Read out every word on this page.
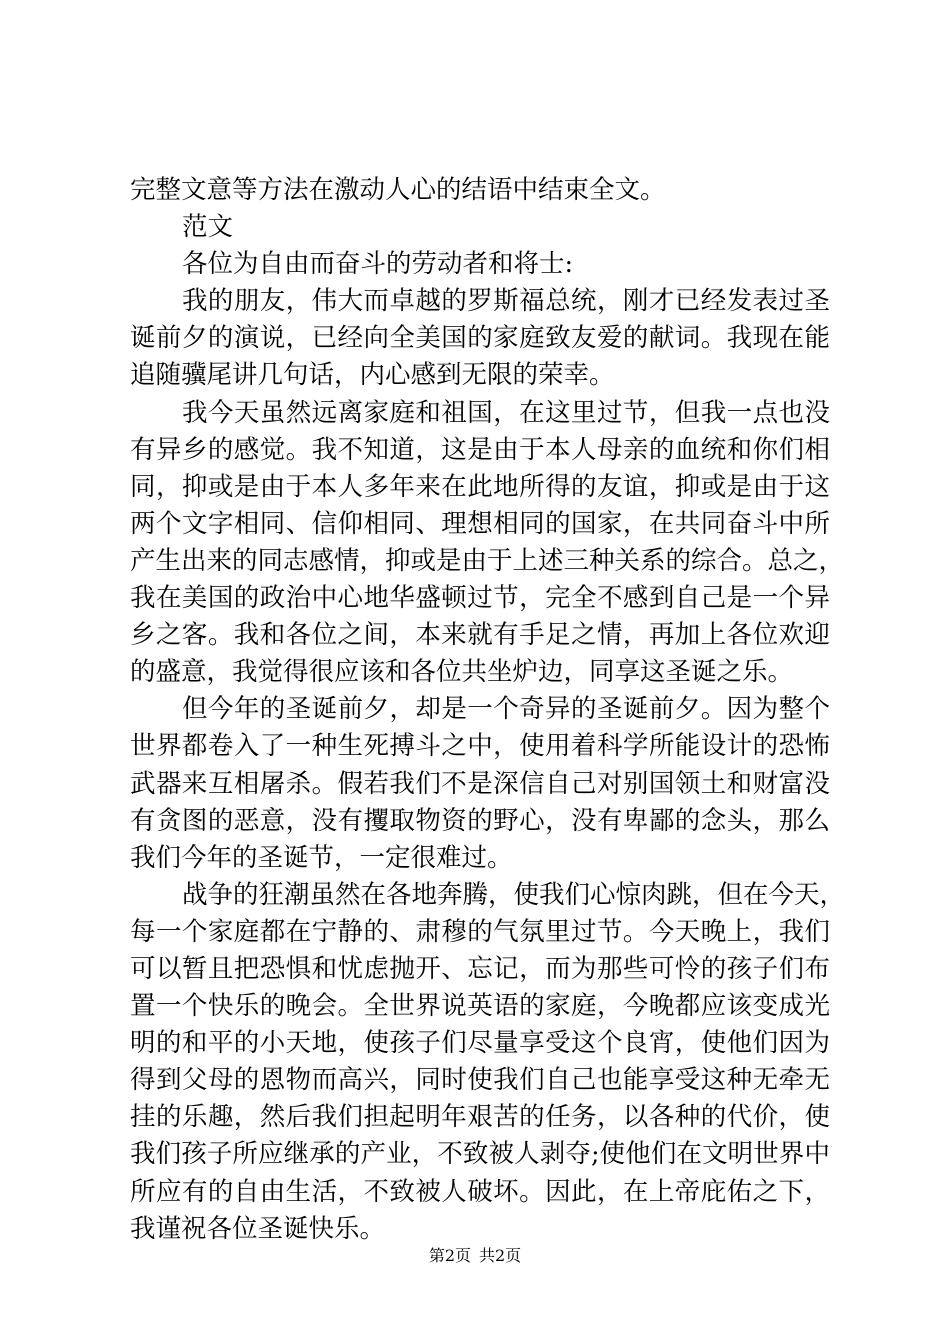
完整文意等方法在激动人心的结语中结束全文。
范文
各位为自由而奋斗的劳动者和将士:
我的朋友，伟大而卓越的罗斯福总统，刚才已经发表过圣
诞前夕的演说，已经向全美国的家庭致友爱的献词。我现在能
追随骥尾讲几句话，内心感到无限的荣幸。
我今天虽然远离家庭和祖国，在这里过节，但我一点也没
有异乡的感觉。我不知道，这是由于本人母亲的血统和你们相
同，抑或是由于本人多年来在此地所得的友谊，抑或是由于这
两个文字相同、信仰相同、理想相同的国家，在共同奋斗中所
产生出来的同志感情，抑或是由于上述三种关系的综合。总之，
我在美国的政治中心地华盛顿过节，完全不感到自己是一个异
乡之客。我和各位之间，本来就有手足之情，再加上各位欢迎
的盛意，我觉得很应该和各位共坐炉边，同享这圣诞之乐。
但今年的圣诞前夕，却是一个奇异的圣诞前夕。因为整个
世界都卷入了一种生死搏斗之中，使用着科学所能设计的恐怖
武器来互相屠杀。假若我们不是深信自己对别国领土和财富没
有贪图的恶意，没有攫取物资的野心，没有卑鄙的念头，那么
我们今年的圣诞节，一定很难过。
战争的狂潮虽然在各地奔腾，使我们心惊肉跳，但在今天，
每一个家庭都在宁静的、肃穆的气氛里过节。今天晚上，我们
可以暂且把恐惧和忧虑抛开、忘记，而为那些可怜的孩子们布
置一个快乐的晚会。全世界说英语的家庭，今晚都应该变成光
明的和平的小天地，使孩子们尽量享受这个良宵，使他们因为
得到父母的恩物而高兴，同时使我们自己也能享受这种无牵无
挂的乐趣，然后我们担起明年艰苦的任务，以各种的代价，使
我们孩子所应继承的产业，不致被人剥夺;使他们在文明世界中
所应有的自由生活，不致被人破坏。因此，在上帝庇佑之下，
我谨祝各位圣诞快乐。
第2页 共2页
